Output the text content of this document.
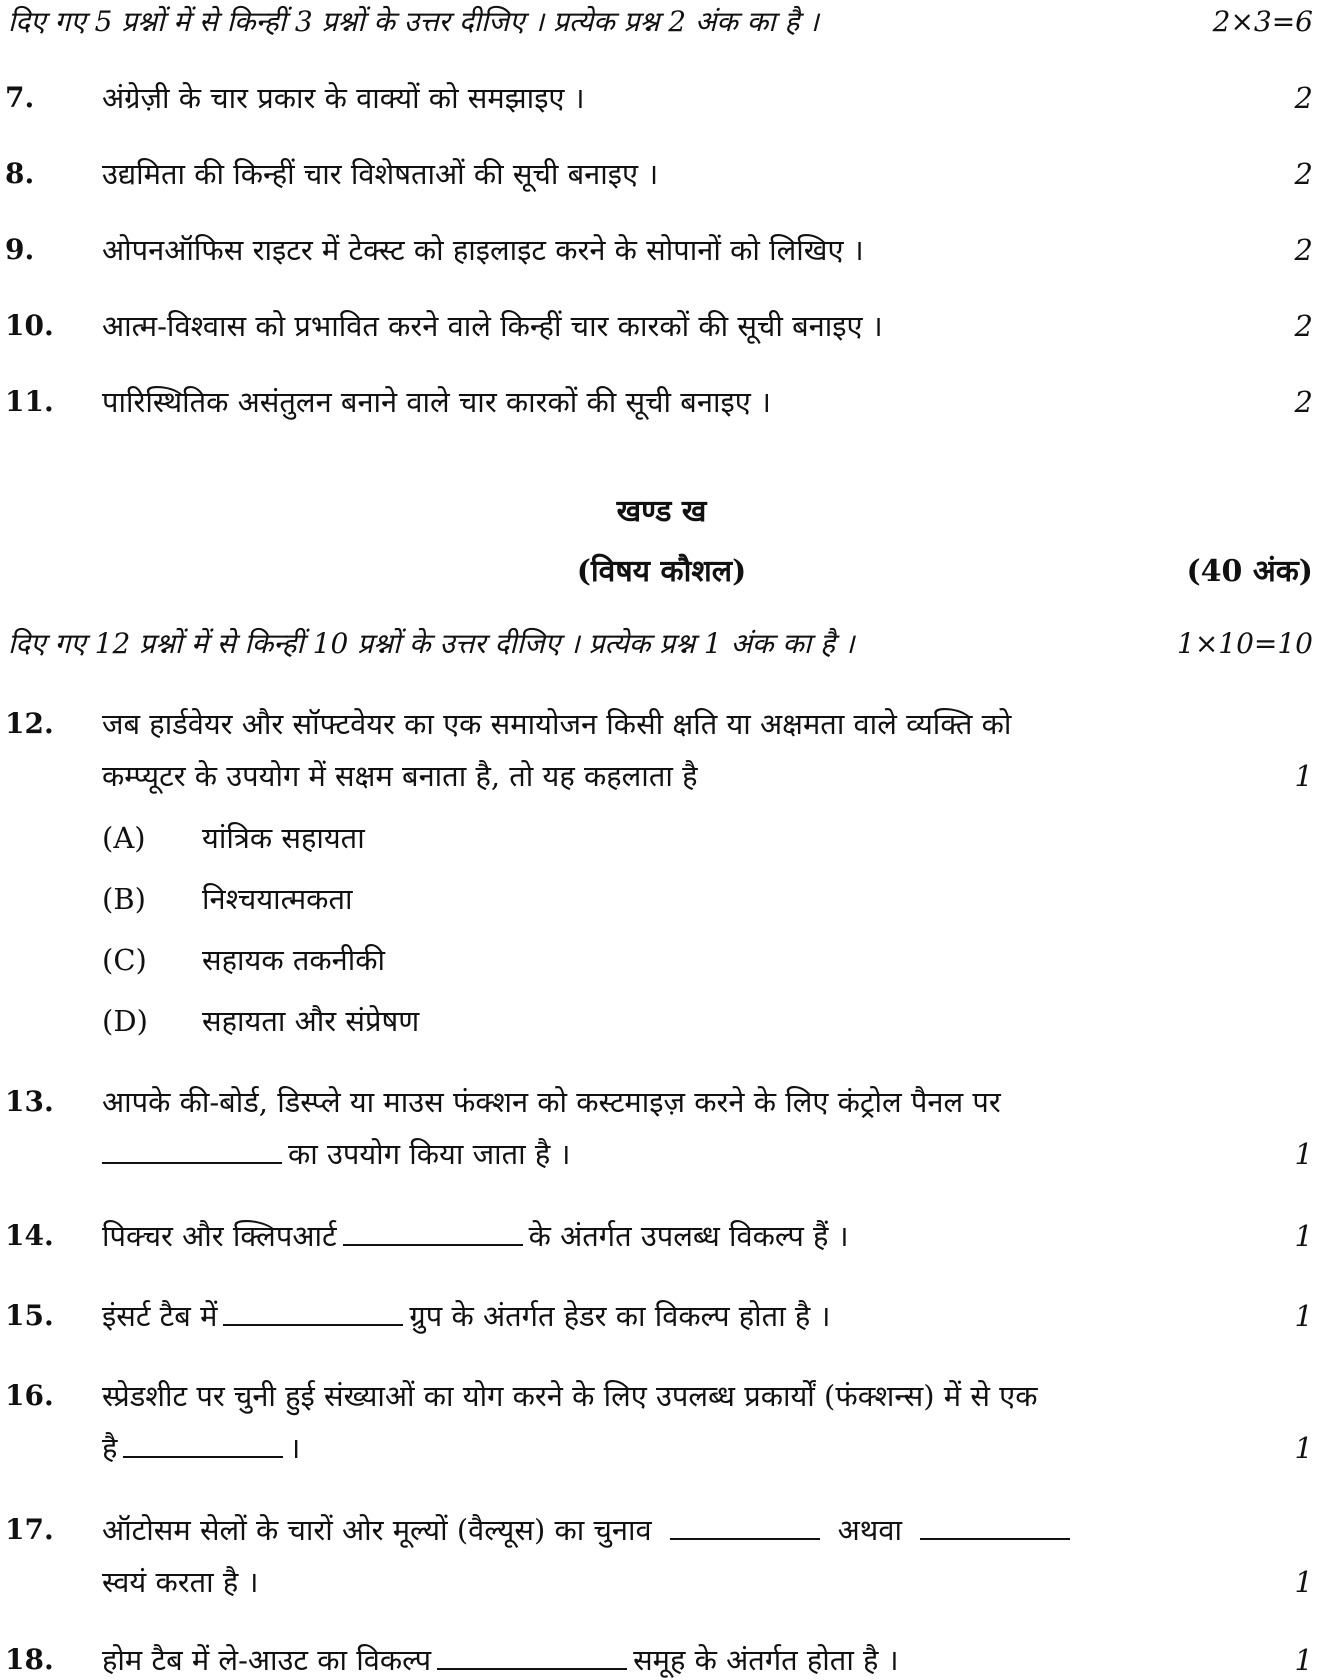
दिए गए 5 प्रश्नों में से किन्हीं 3 प्रश्नों के उत्तर दीजिए । प्रत्येक प्रश्न 2 अंक का है ।	2×3=6
7. अंग्रेज़ी के चार प्रकार के वाक्यों को समझाइए ।	2
8. उद्यमिता की किन्हीं चार विशेषताओं की सूची बनाइए ।	2
9. ओपनऑफिस राइटर में टेक्स्ट को हाइलाइट करने के सोपानों को लिखिए ।	2
10. आत्म-विश्वास को प्रभावित करने वाले किन्हीं चार कारकों की सूची बनाइए ।	2
11. पारिस्थितिक असंतुलन बनाने वाले चार कारकों की सूची बनाइए ।	2
खण्ड ख
(विषय कौशल)	(40 अंक)
दिए गए 12 प्रश्नों में से किन्हीं 10 प्रश्नों के उत्तर दीजिए । प्रत्येक प्रश्न 1 अंक का है ।	1×10=10
12. जब हार्डवेयर और सॉफ्टवेयर का एक समायोजन किसी क्षति या अक्षमता वाले व्यक्ति को
कम्प्यूटर के उपयोग में सक्षम बनाता है, तो यह कहलाता है	1
(A) यांत्रिक सहायता
(B) निश्चयात्मकता
(C) सहायक तकनीकी
(D) सहायता और संप्रेषण
13. आपके की-बोर्ड, डिस्प्ले या माउस फंक्शन को कस्टमाइज़ करने के लिए कंट्रोल पैनल पर
का उपयोग किया जाता है ।	1
14. पिक्चर और क्लिपआर्ट	के अंतर्गत उपलब्ध विकल्प हैं ।	1
15. इंसर्ट टैब में	ग्रुप के अंतर्गत हेडर का विकल्प होता है ।	1
16. स्प्रेडशीट पर चुनी हुई संख्याओं का योग करने के लिए उपलब्ध प्रकार्यों (फंक्शन्स) में से एक
है	।	1
17. ऑटोसम सेलों के चारों ओर मूल्यों (वैल्यूस) का चुनाव	अथवा
स्वयं करता है ।	1
18. होम टैब में ले-आउट का विकल्प	समूह के अंतर्गत होता है ।	1
